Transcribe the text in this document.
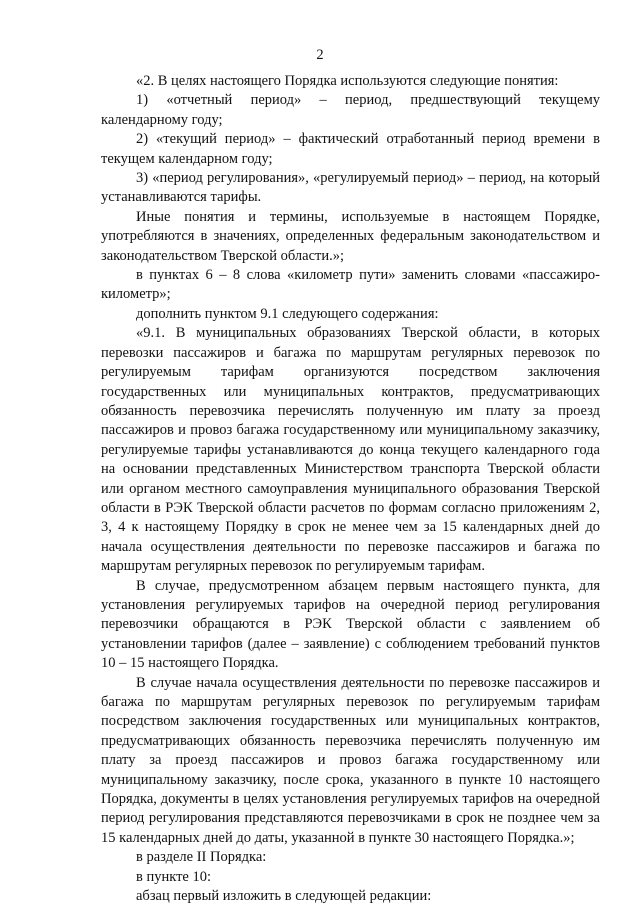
2

«2. В целях настоящего Порядка используются следующие понятия:

1) «отчетный период» – период, предшествующий текущему календарному году;

2) «текущий период» – фактический отработанный период времени в текущем календарном году;

3) «период регулирования», «регулируемый период» – период, на который устанавливаются тарифы.

Иные понятия и термины, используемые в настоящем Порядке, употребляются в значениях, определенных федеральным законодательством и законодательством Тверской области.»;

в пунктах 6 – 8 слова «километр пути» заменить словами «пассажиро-километр»;

дополнить пунктом 9.1 следующего содержания:

«9.1. В муниципальных образованиях Тверской области, в которых перевозки пассажиров и багажа по маршрутам регулярных перевозок по регулируемым тарифам организуются посредством заключения государственных или муниципальных контрактов, предусматривающих обязанность перевозчика перечислять полученную им плату за проезд пассажиров и провоз багажа государственному или муниципальному заказчику, регулируемые тарифы устанавливаются до конца текущего календарного года на основании представленных Министерством транспорта Тверской области или органом местного самоуправления муниципального образования Тверской области в РЭК Тверской области расчетов по формам согласно приложениям 2, 3, 4 к настоящему Порядку в срок не менее чем за 15 календарных дней до начала осуществления деятельности по перевозке пассажиров и багажа по маршрутам регулярных перевозок по регулируемым тарифам.

В случае, предусмотренном абзацем первым настоящего пункта, для установления регулируемых тарифов на очередной период регулирования перевозчики обращаются в РЭК Тверской области с заявлением об установлении тарифов (далее – заявление) с соблюдением требований пунктов 10 – 15 настоящего Порядка.

В случае начала осуществления деятельности по перевозке пассажиров и багажа по маршрутам регулярных перевозок по регулируемым тарифам посредством заключения государственных или муниципальных контрактов, предусматривающих обязанность перевозчика перечислять полученную им плату за проезд пассажиров и провоз багажа государственному или муниципальному заказчику, после срока, указанного в пункте 10 настоящего Порядка, документы в целях установления регулируемых тарифов на очередной период регулирования представляются перевозчиками в срок не позднее чем за 15 календарных дней до даты, указанной в пункте 30 настоящего Порядка.»;

в разделе II Порядка:

в пункте 10:

абзац первый изложить в следующей редакции:
